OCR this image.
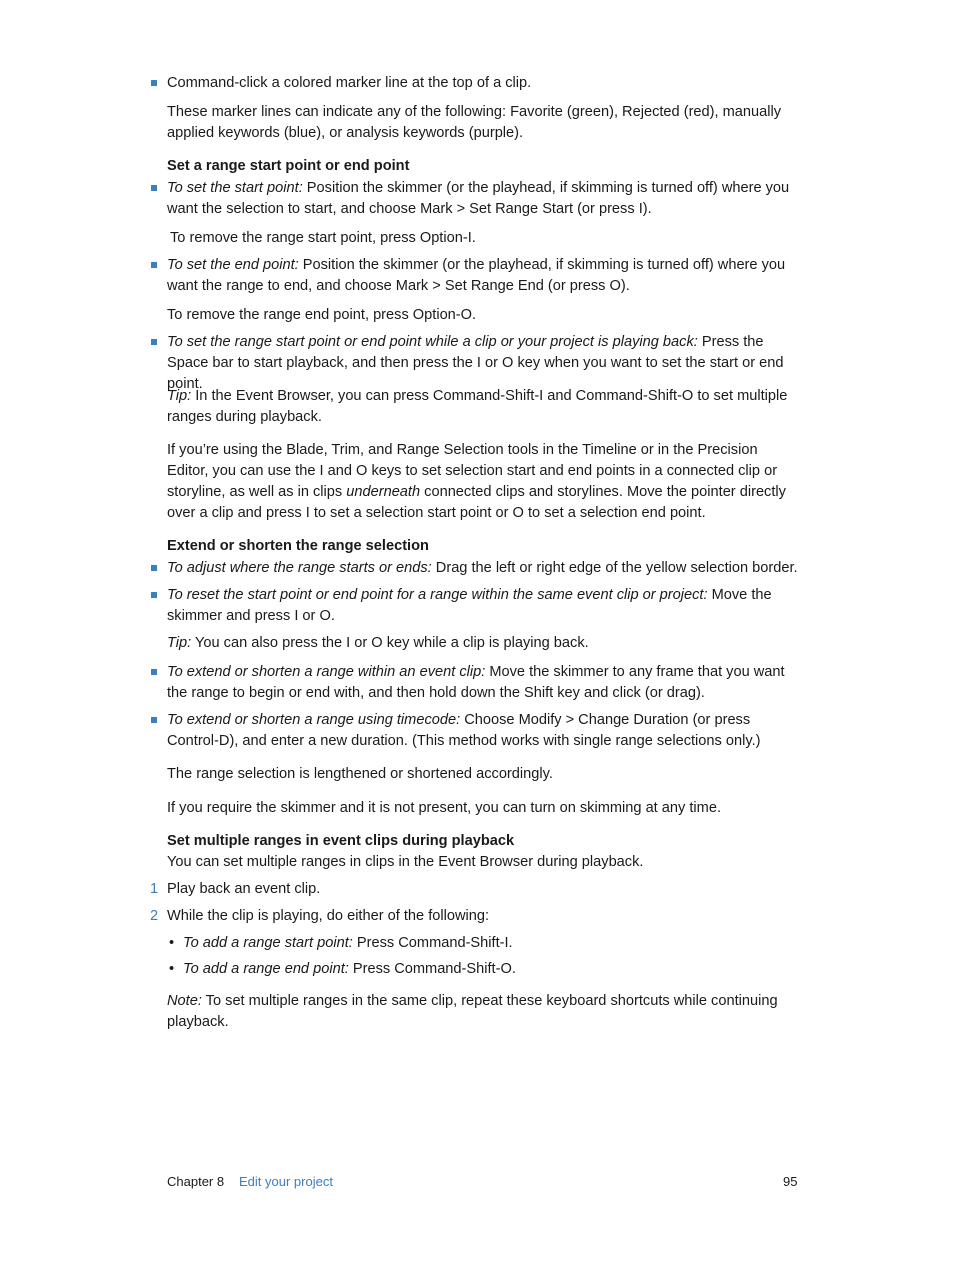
Command-click a colored marker line at the top of a clip.

These marker lines can indicate any of the following: Favorite (green), Rejected (red), manually applied keywords (blue), or analysis keywords (purple).

Set a range start point or end point

To set the start point: Position the skimmer (or the playhead, if skimming is turned off) where you want the selection to start, and choose Mark > Set Range Start (or press I).

To remove the range start point, press Option-I.

To set the end point: Position the skimmer (or the playhead, if skimming is turned off) where you want the range to end, and choose Mark > Set Range End (or press O).

To remove the range end point, press Option-O.

To set the range start point or end point while a clip or your project is playing back: Press the Space bar to start playback, and then press the I or O key when you want to set the start or end point.

Tip: In the Event Browser, you can press Command-Shift-I and Command-Shift-O to set multiple ranges during playback.

If you’re using the Blade, Trim, and Range Selection tools in the Timeline or in the Precision Editor, you can use the I and O keys to set selection start and end points in a connected clip or storyline, as well as in clips underneath connected clips and storylines. Move the pointer directly over a clip and press I to set a selection start point or O to set a selection end point.

Extend or shorten the range selection

To adjust where the range starts or ends: Drag the left or right edge of the yellow selection border.

To reset the start point or end point for a range within the same event clip or project: Move the skimmer and press I or O.

Tip: You can also press the I or O key while a clip is playing back.

To extend or shorten a range within an event clip: Move the skimmer to any frame that you want the range to begin or end with, and then hold down the Shift key and click (or drag).

To extend or shorten a range using timecode: Choose Modify > Change Duration (or press Control-D), and enter a new duration. (This method works with single range selections only.)

The range selection is lengthened or shortened accordingly.

If you require the skimmer and it is not present, you can turn on skimming at any time.

Set multiple ranges in event clips during playback

You can set multiple ranges in clips in the Event Browser during playback.

1 Play back an event clip.

2 While the clip is playing, do either of the following:

• To add a range start point: Press Command-Shift-I.

• To add a range end point: Press Command-Shift-O.

Note: To set multiple ranges in the same clip, repeat these keyboard shortcuts while continuing playback.

Chapter 8 Edit your project	95
